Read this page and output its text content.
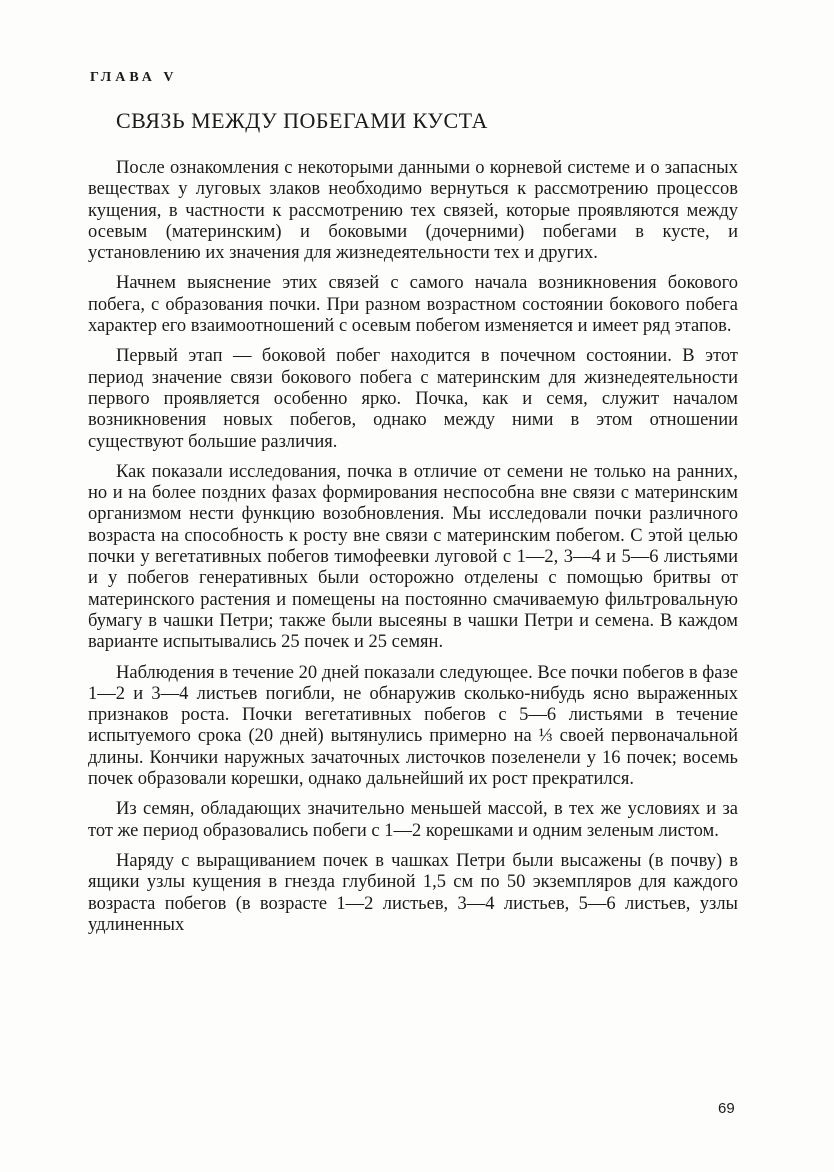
ГЛАВА V
СВЯЗЬ МЕЖДУ ПОБЕГАМИ КУСТА

После ознакомления с некоторыми данными о корневой системе и о запасных веществах у луговых злаков необходимо вернуться к рассмотрению процессов кущения, в частности к рассмотрению тех связей, которые проявляются между осевым (материнским) и боковыми (дочерними) побегами в кусте, и установлению их значения для жизнедеятельности тех и других.

Начнем выяснение этих связей с самого начала возникновения бокового побега, с образования почки. При разном возрастном состоянии бокового побега характер его взаимоотношений с осевым побегом изменяется и имеет ряд этапов.

Первый этап — боковой побег находится в почечном состоянии. В этот период значение связи бокового побега с материнским для жизнедеятельности первого проявляется особенно ярко. Почка, как и семя, служит началом возникновения новых побегов, однако между ними в этом отношении существуют большие различия.

Как показали исследования, почка в отличие от семени не только на ранних, но и на более поздних фазах формирования неспособна вне связи с материнским организмом нести функцию возобновления. Мы исследовали почки различного возраста на способность к росту вне связи с материнским побегом. С этой целью почки у вегетативных побегов тимофеевки луговой с 1—2, 3—4 и 5—6 листьями и у побегов генеративных были осторожно отделены с помощью бритвы от материнского растения и помещены на постоянно смачиваемую фильтровальную бумагу в чашки Петри; также были высеяны в чашки Петри и семена. В каждом варианте испытывались 25 почек и 25 семян.

Наблюдения в течение 20 дней показали следующее. Все почки побегов в фазе 1—2 и 3—4 листьев погибли, не обнаружив сколько-нибудь ясно выраженных признаков роста. Почки вегетативных побегов с 5—6 листьями в течение испытуемого срока (20 дней) вытянулись примерно на ⅓ своей первоначальной длины. Кончики наружных зачаточных листочков позеленели у 16 почек; восемь почек образовали корешки, однако дальнейший их рост прекратился.

Из семян, обладающих значительно меньшей массой, в тех же условиях и за тот же период образовались побеги с 1—2 корешками и одним зеленым листом.

Наряду с выращиванием почек в чашках Петри были высажены (в почву) в ящики узлы кущения в гнезда глубиной 1,5 см по 50 экземпляров для каждого возраста побегов (в возрасте 1—2 листьев, 3—4 листьев, 5—6 листьев, узлы удлиненных

69
